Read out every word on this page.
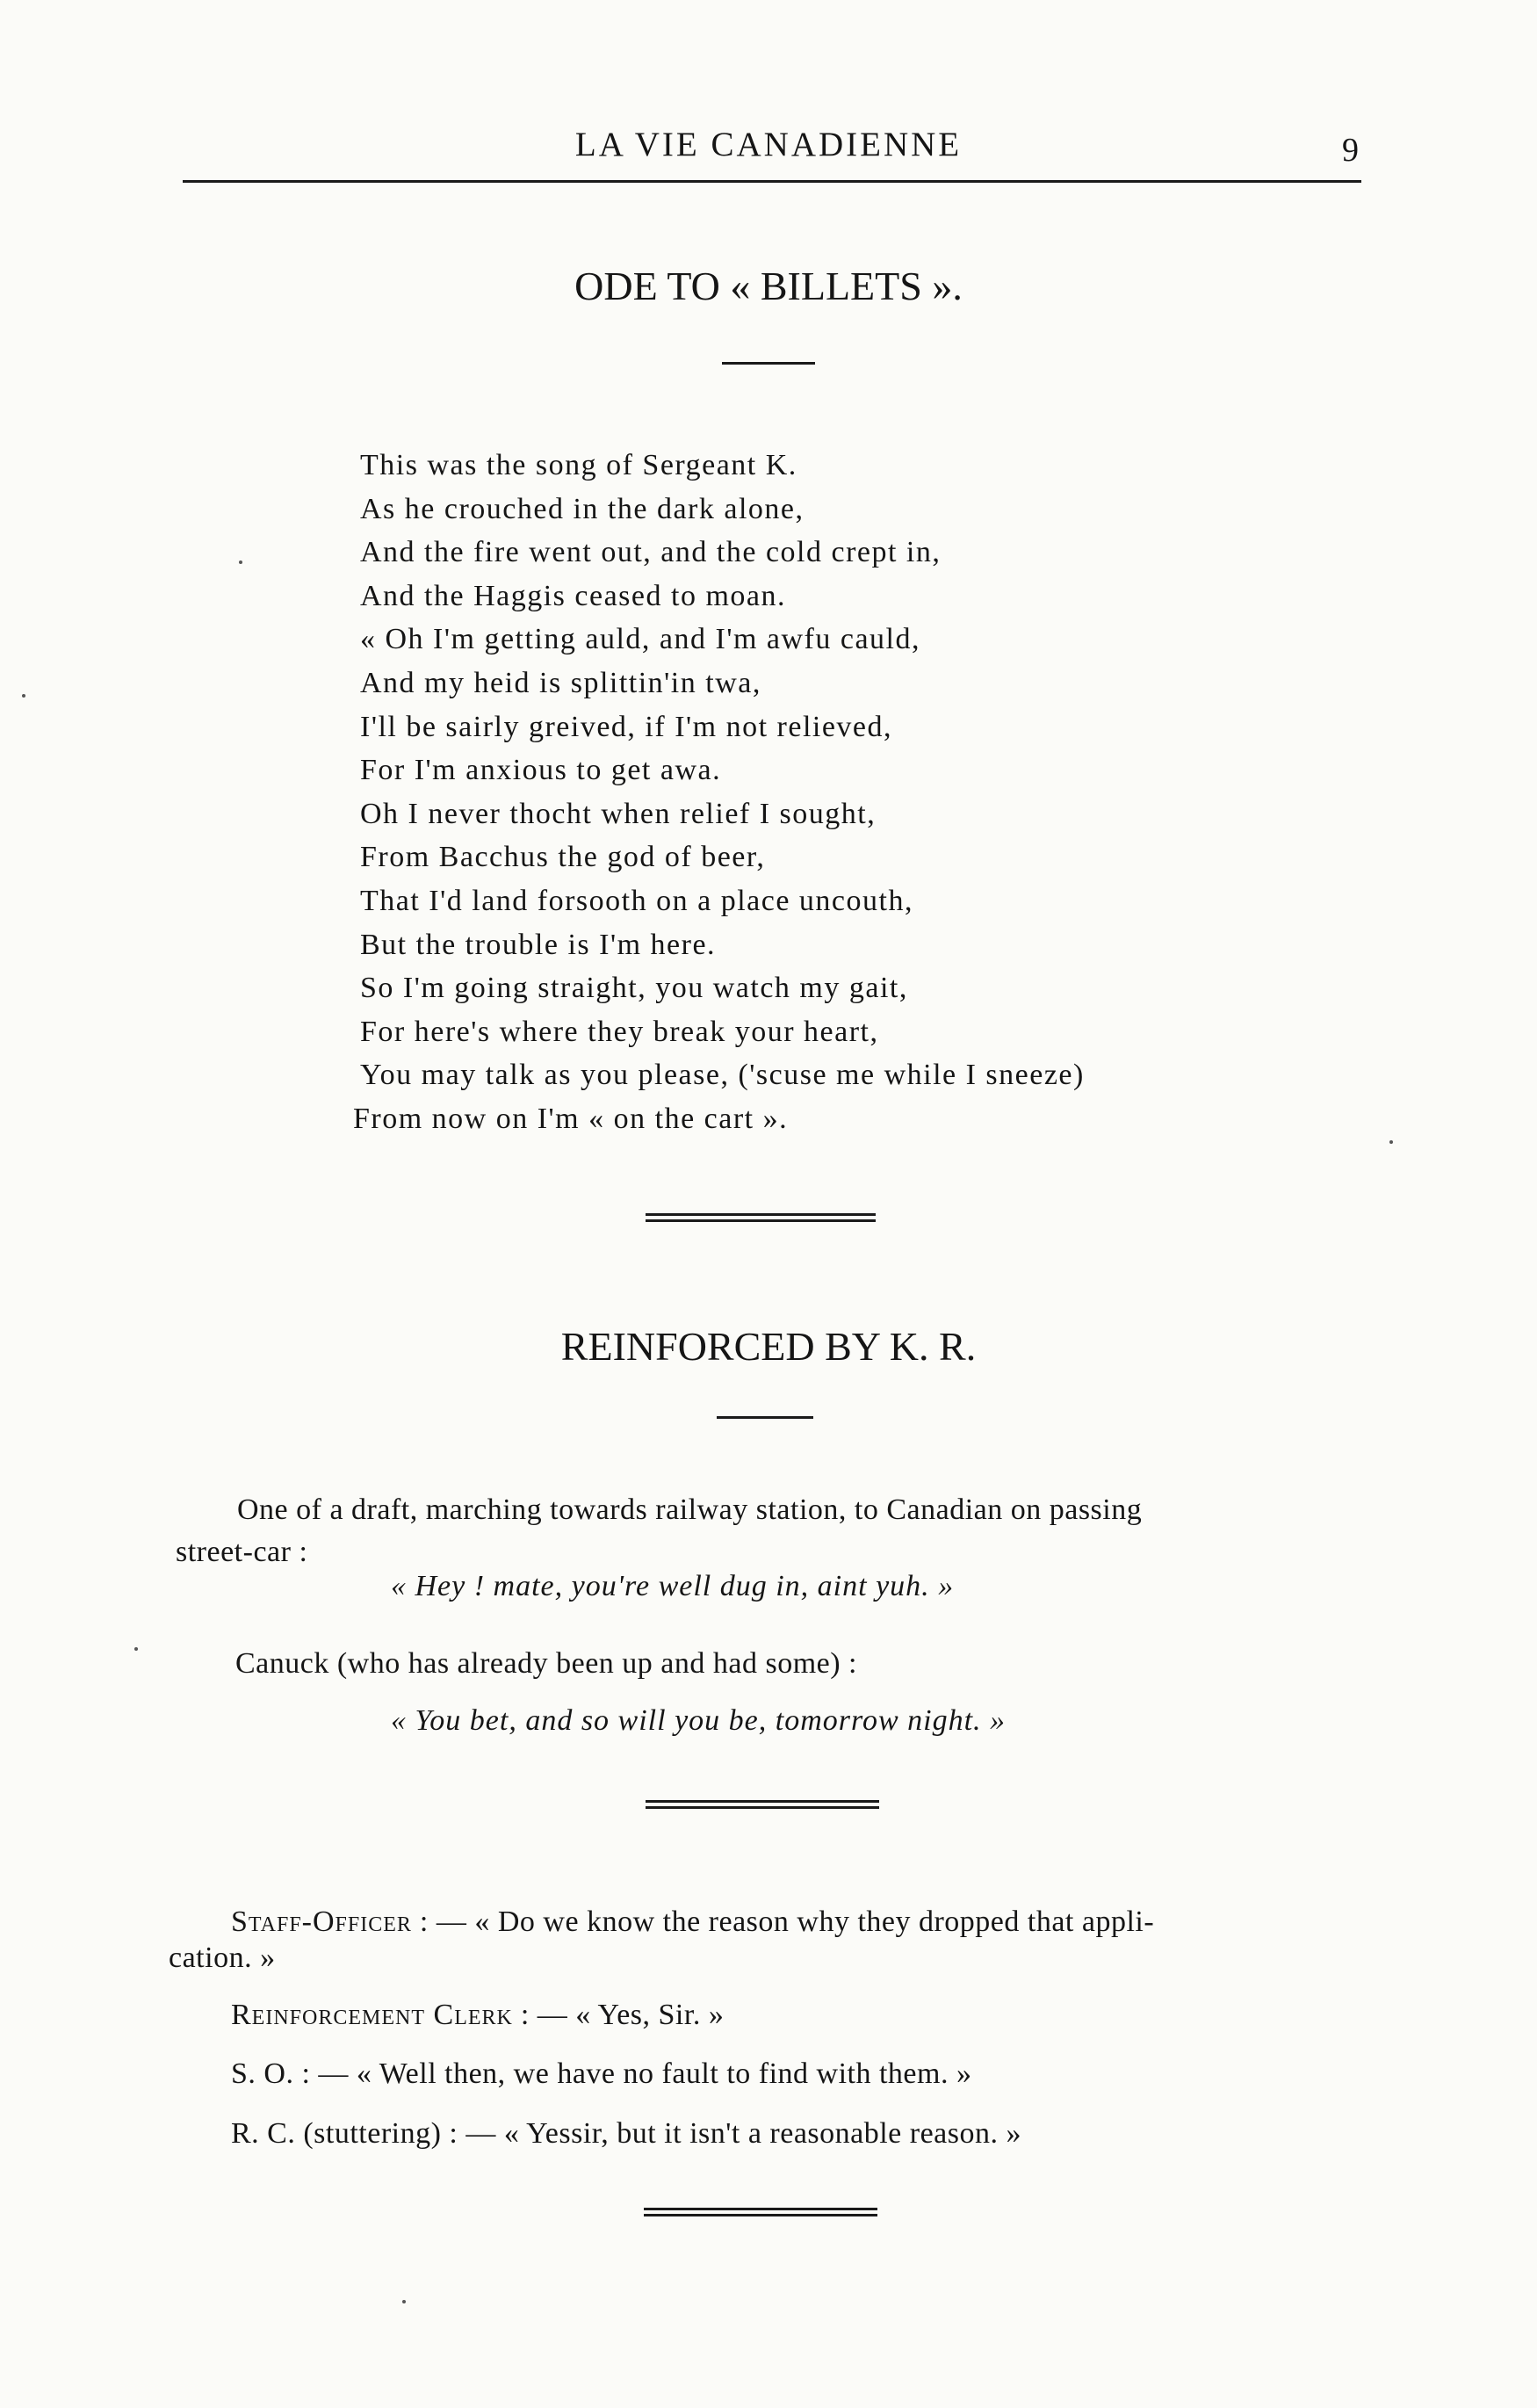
LA VIE CANADIENNE	9
ODE TO « BILLETS ».
This was the song of Sergeant K.
As he crouched in the dark alone,
And the fire went out, and the cold crept in,
And the Haggis ceased to moan.
« Oh I'm getting auld, and I'm awfu cauld,
And my heid is splittin'in twa,
I'll be sairly greived, if I'm not relieved,
For I'm anxious to get awa.
Oh I never thocht when relief I sought,
From Bacchus the god of beer,
That I'd land forsooth on a place uncouth,
But the trouble is I'm here.
So I'm going straight, you watch my gait,
For here's where they break your heart,
You may talk as you please, ('scuse me while I sneeze)
From now on I'm « on the cart ».
REINFORCED BY K. R.
One of a draft, marching towards railway station, to Canadian on passing
street-car :
« Hey ! mate, you're well dug in, aint yuh. »
Canuck (who has already been up and had some) :
« You bet, and so will you be, tomorrow night. »
Staff-Officer : — « Do we know the reason why they dropped that appli-
cation. »
Reinforcement Clerk : — « Yes, Sir. »
S. O. : — « Well then, we have no fault to find with them. »
R. C. (stuttering) : — « Yessir, but it isn't a reasonable reason. »
